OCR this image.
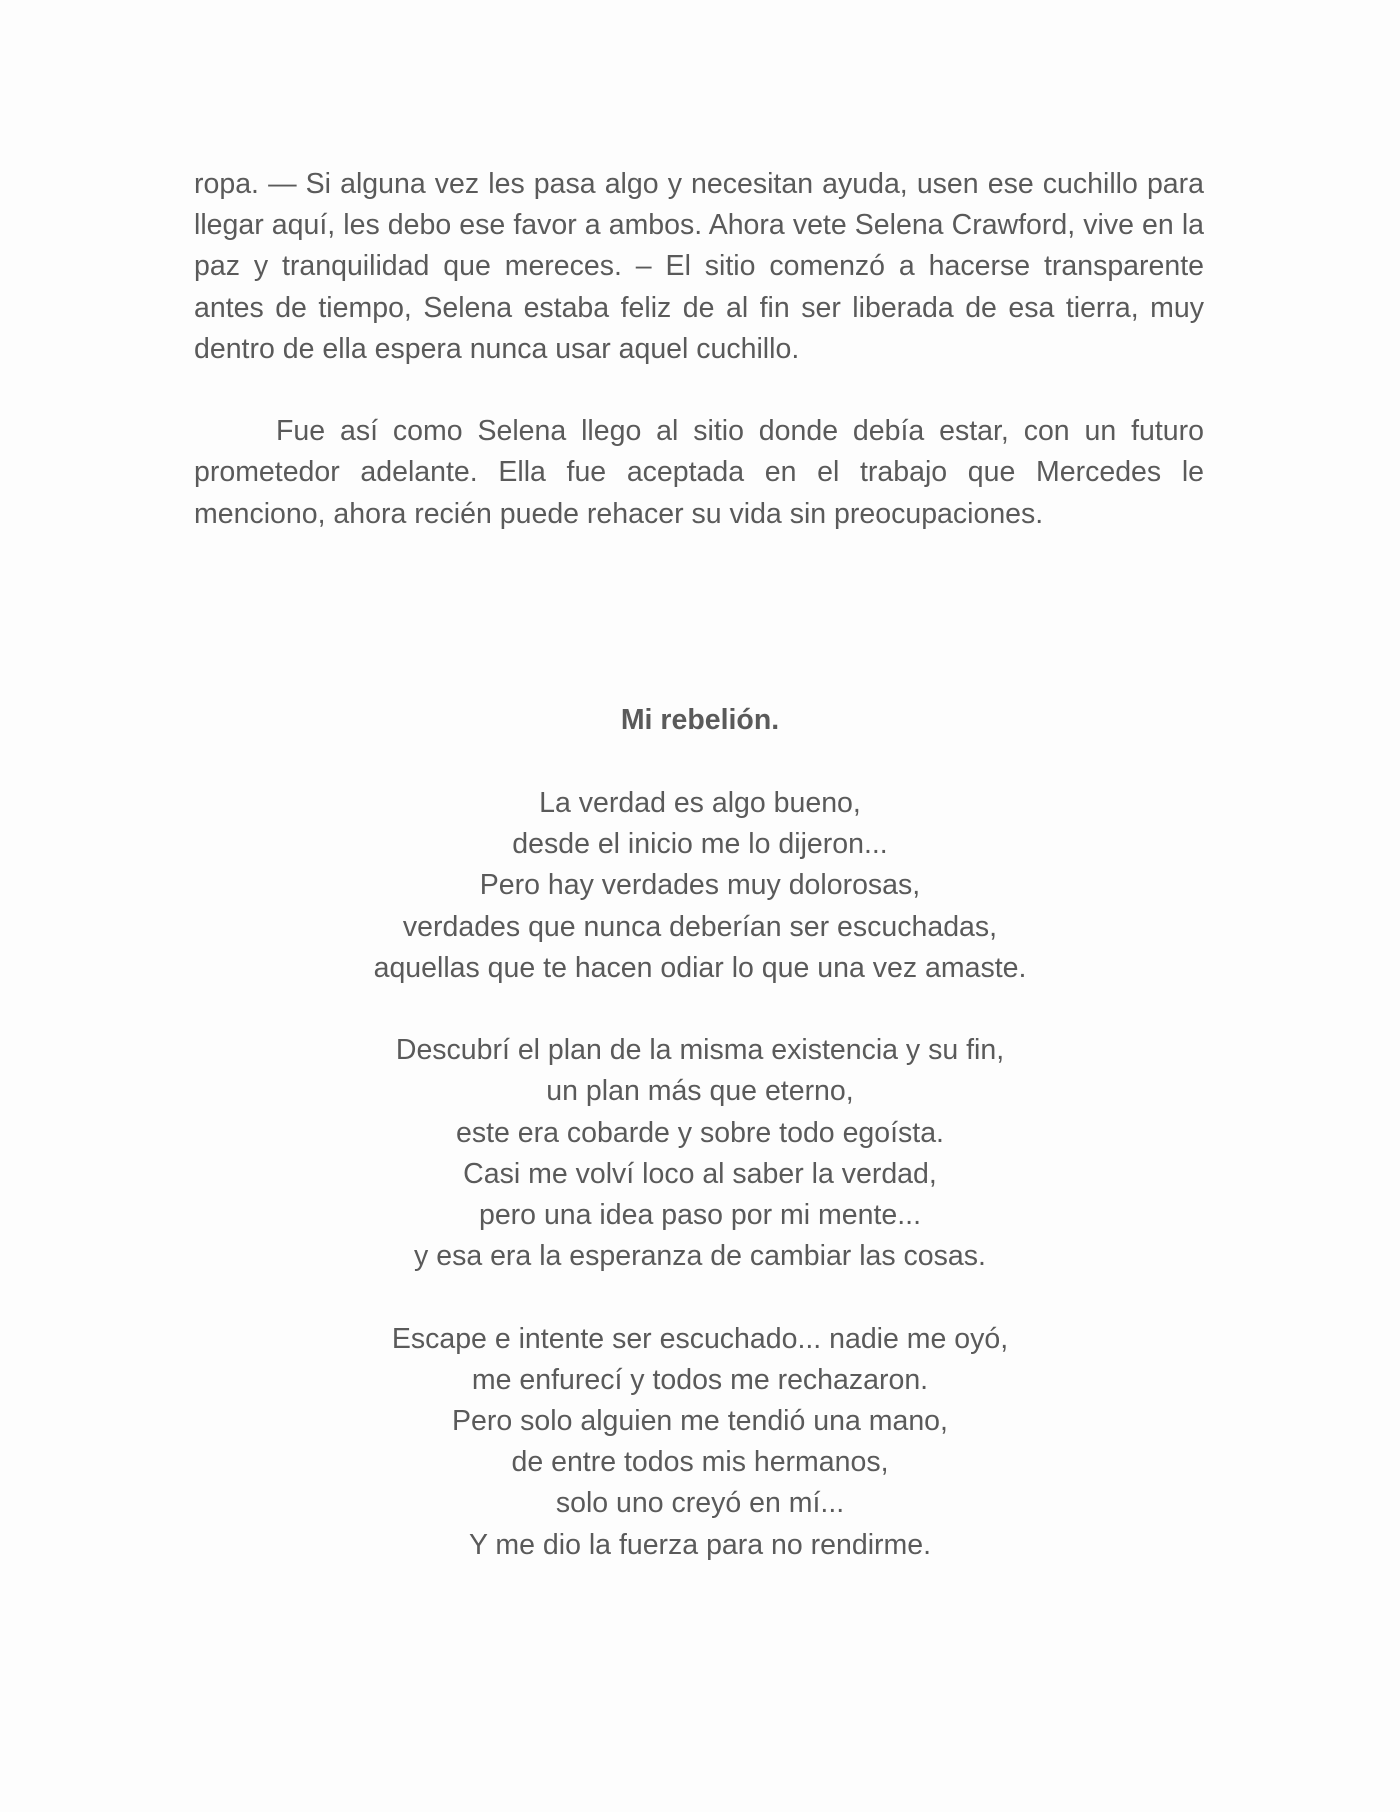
ropa. — Si alguna vez les pasa algo y necesitan ayuda, usen ese cuchillo para llegar aquí, les debo ese favor a ambos. Ahora vete Selena Crawford, vive en la paz y tranquilidad que mereces. – El sitio comenzó a hacerse transparente antes de tiempo, Selena estaba feliz de al fin ser liberada de esa tierra, muy dentro de ella espera nunca usar aquel cuchillo.

Fue así como Selena llego al sitio donde debía estar, con un futuro prometedor adelante. Ella fue aceptada en el trabajo que Mercedes le menciono, ahora recién puede rehacer su vida sin preocupaciones.

Mi rebelión.
La verdad es algo bueno,
desde el inicio me lo dijeron...
Pero hay verdades muy dolorosas,
verdades que nunca deberían ser escuchadas,
aquellas que te hacen odiar lo que una vez amaste.
Descubrí el plan de la misma existencia y su fin,
un plan más que eterno,
este era cobarde y sobre todo egoísta.
Casi me volví loco al saber la verdad,
pero una idea paso por mi mente...
y esa era la esperanza de cambiar las cosas.
Escape e intente ser escuchado... nadie me oyó,
me enfurecí y todos me rechazaron.
Pero solo alguien me tendió una mano,
de entre todos mis hermanos,
solo uno creyó en mí...
Y me dio la fuerza para no rendirme.
